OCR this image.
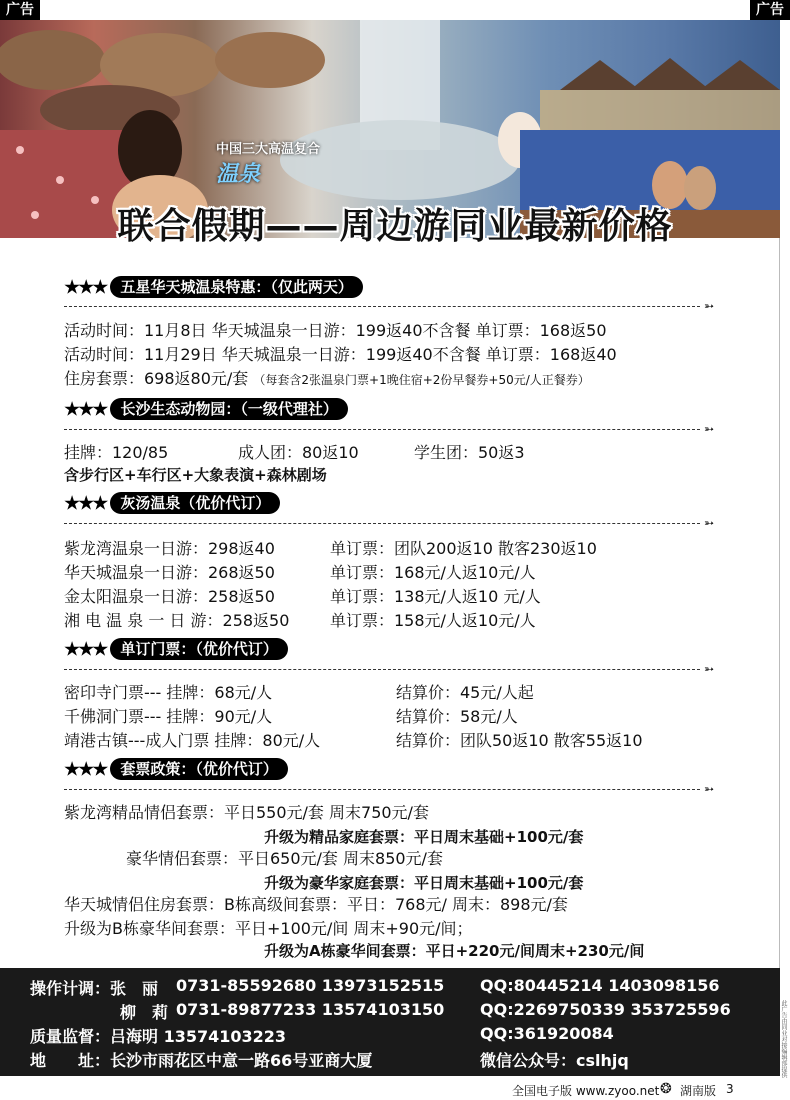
广告	广告
中国三大高温复合
温泉
联合假期——周边游同业最新价格
★★★ 五星华天城温泉特惠：（仅此两天）
➳
活动时间：11月8日 华天城温泉一日游：199返40不含餐 单订票：168返50
活动时间：11月29日 华天城温泉一日游：199返40不含餐 单订票：168返40
住房套票：698返80元/套 （每套含2张温泉门票+1晚住宿+2份早餐券+50元/人正餐券）
★★★ 长沙生态动物园：（一级代理社）
➳
挂牌：120/85	成人团：80返10	学生团：50返3
含步行区+车行区+大象表演+森林剧场
★★★ 灰汤温泉（优价代订）
➳
紫龙湾温泉一日游：298返40	单订票：团队200返10 散客230返10
华天城温泉一日游：268返50	单订票：168元/人返10元/人
金太阳温泉一日游：258返50	单订票：138元/人返10 元/人
湘 电 温 泉 一 日 游：258返50	单订票：158元/人返10元/人
★★★ 单订门票：（优价代订）
➳
密印寺门票--- 挂牌：68元/人	结算价：45元/人起
千佛洞门票--- 挂牌：90元/人	结算价：58元/人
靖港古镇---成人门票 挂牌：80元/人	结算价：团队50返10 散客55返10
★★★ 套票政策：（优价代订）
➳
紫龙湾精品情侣套票：平日550元/套 周末750元/套
升级为精品家庭套票：平日周末基础+100元/套
豪华情侣套票：平日650元/套 周末850元/套
升级为豪华家庭套票：平日周末基础+100元/套
华天城情侣住房套票：B栋高级间套票：平日：768元/ 周末：898元/套
升级为B栋豪华间套票：平日+100元/间 周末+90元/间；
升级为A栋豪华间套票：平日+220元/间周末+230元/间
操作计调：张　丽 0731-85592680 13973152515 QQ:80445214 1403098156
柳　莉 0731-89877233 13574103150 QQ:2269750339 353725596
质量监督：吕海明 13574103223	QQ:361920084
地　　址：长沙市雨花区中意一路66号亚商大厦	微信公众号：cslhjq	此广告由同业对接编辑部提供
全国电子版 www.zyoo.net ❂ 湖南版 3
